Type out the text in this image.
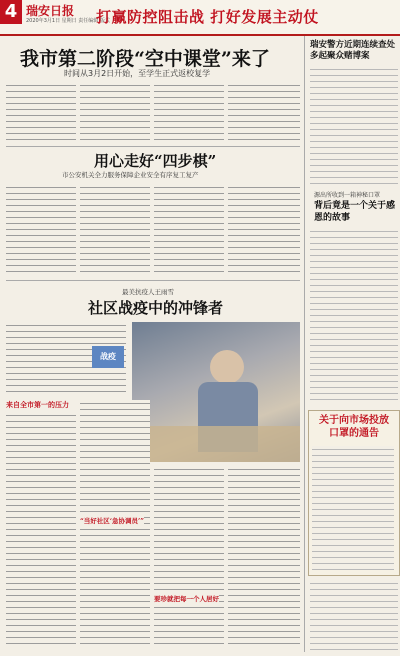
4 瑞安日报
2020年3月1日 星期日 责任编辑 版式
打赢防控阻击战 打好发展主动仗
我市第二阶段“空中课堂”来了
时间从3月2日开始，至学生正式返校复学
用心走好“四步棋”
市公安机关全力服务保障企业安全有序复工复产
最美抗疫人王雨雪
社区战疫中的冲锋者
战疫
来自全市第一的压力
“当好社区‘急协调员’”
要珍就把每一个人居好
瑞安警方近期连续查处多起聚众赌博案
源出所收到一箱神秘口罩
背后竟是一个关于感恩的故事
关于向市场投放口罩的通告
